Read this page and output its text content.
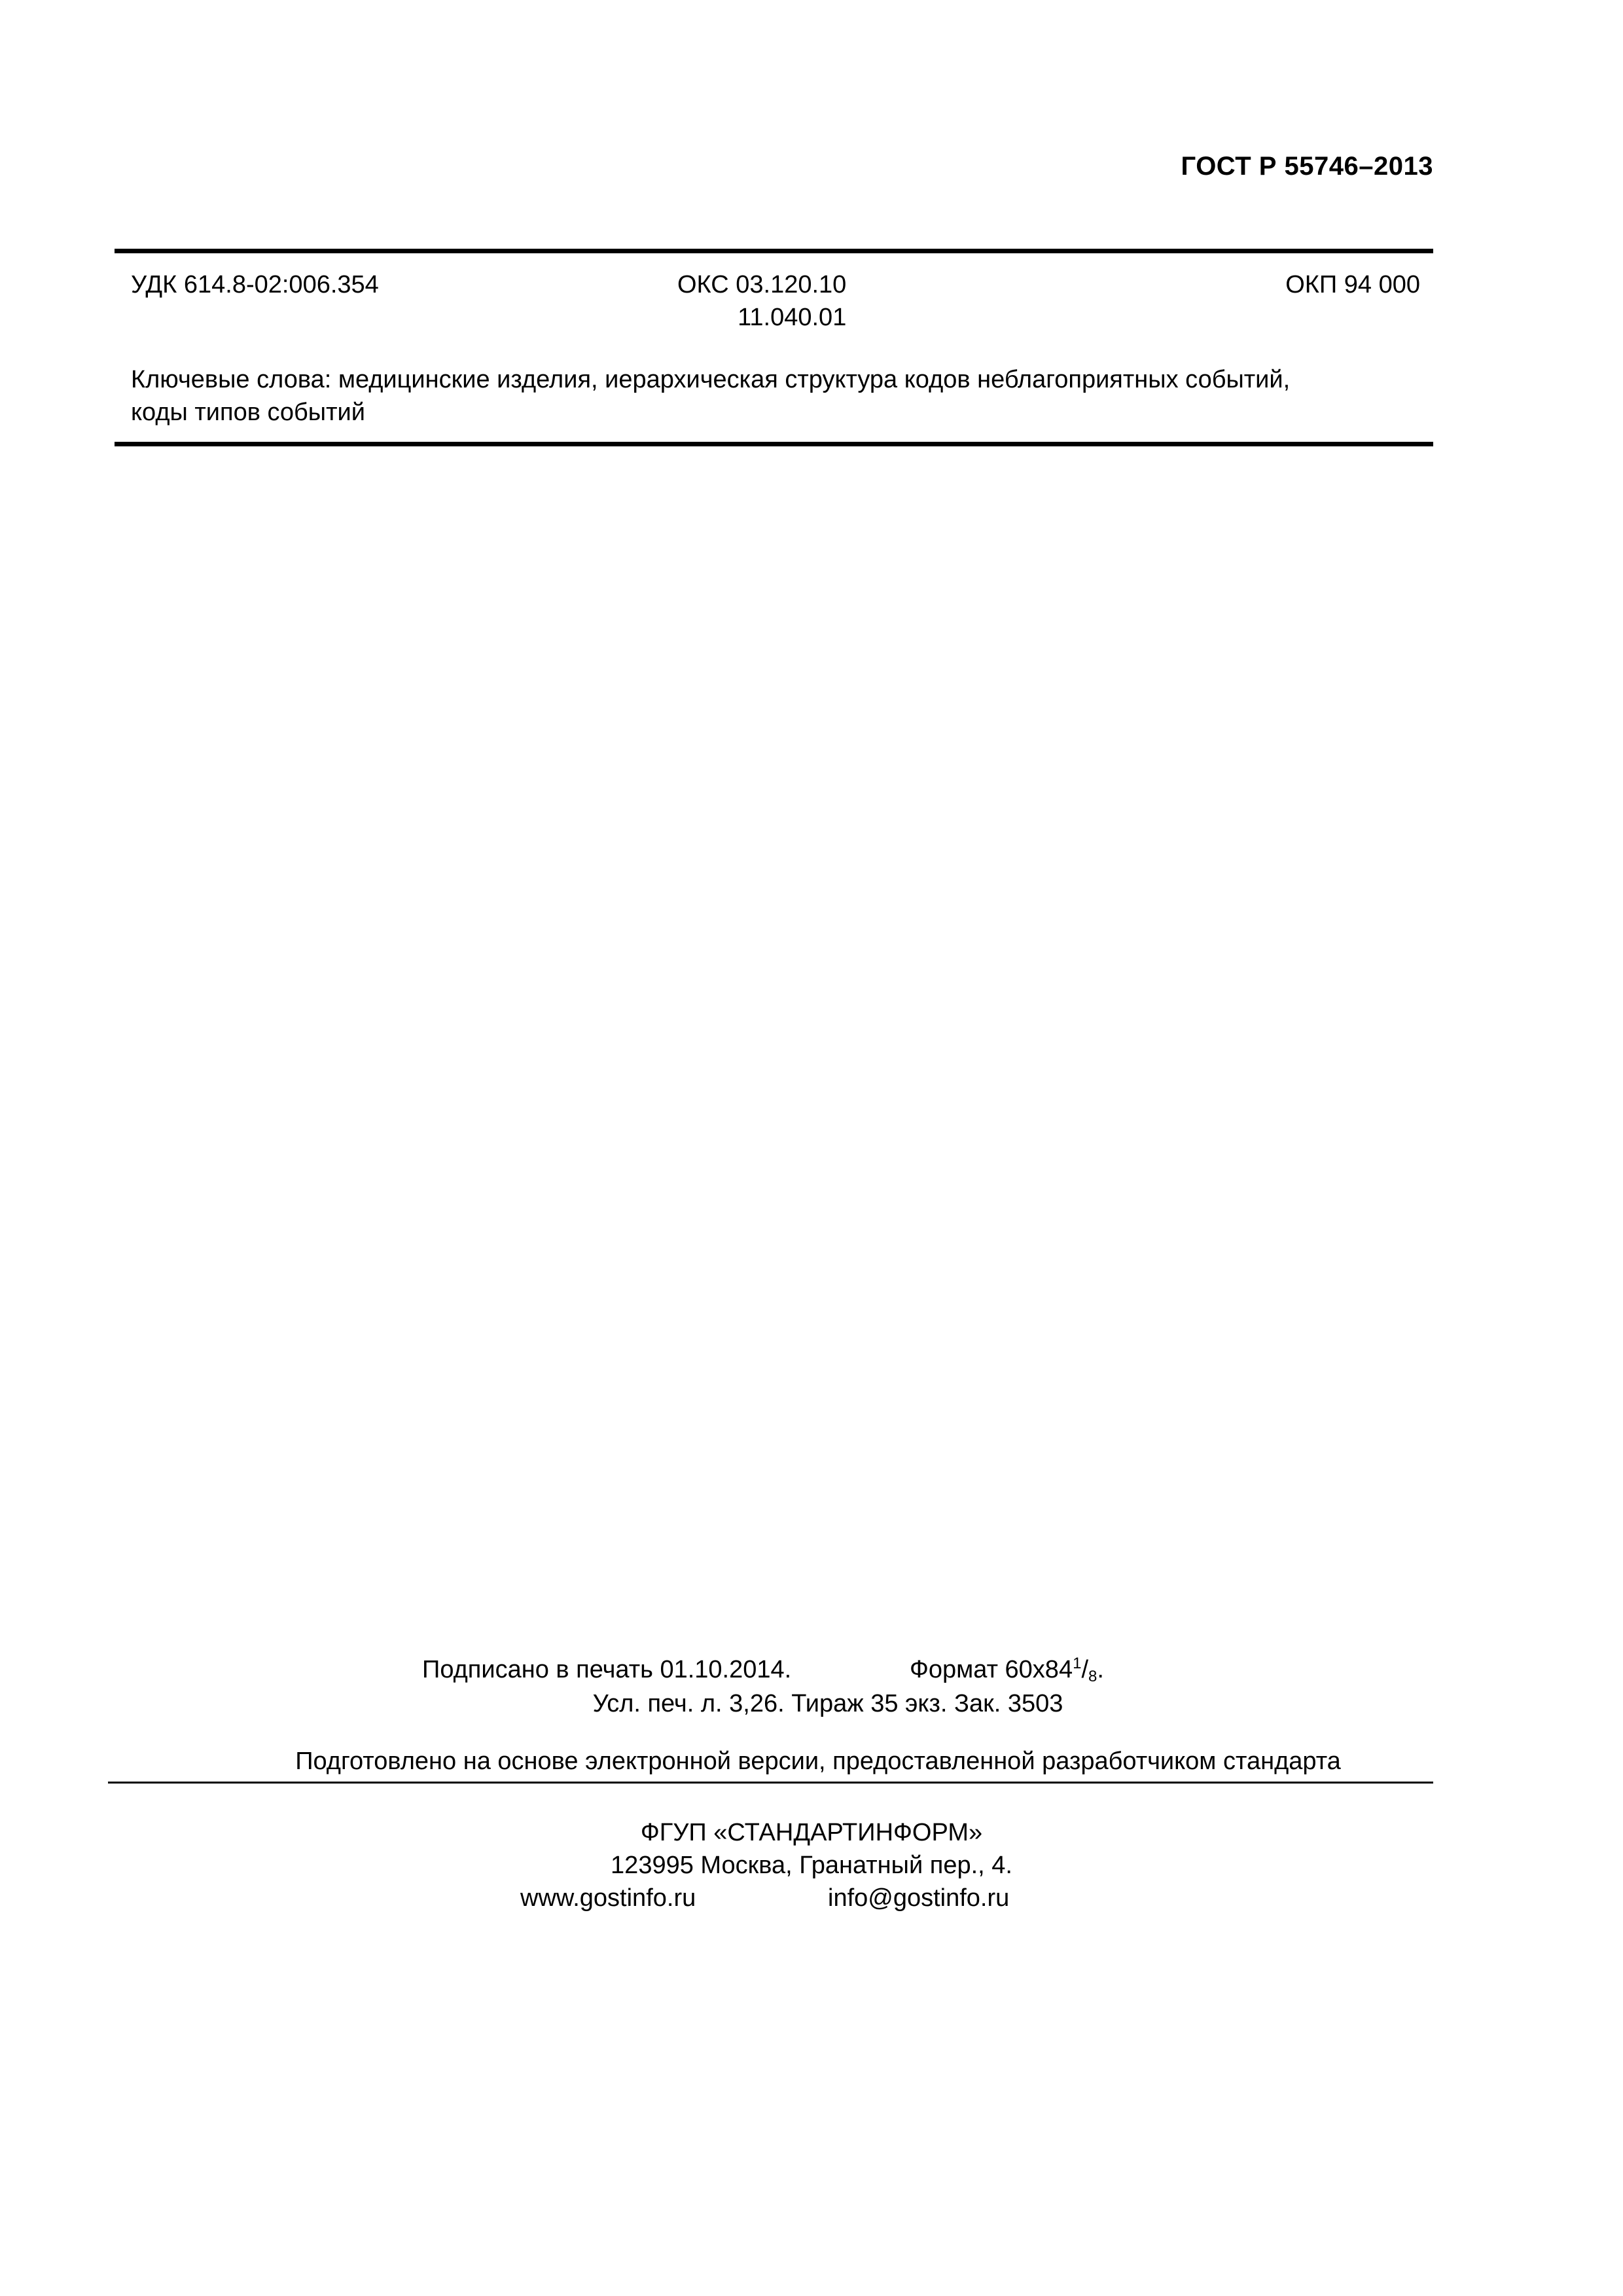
ГОСТ Р 55746–2013
УДК 614.8-02:006.354	ОКС 03.120.10
11.040.01
ОКП 94 000
Ключевые слова: медицинские изделия, иерархическая структура кодов неблагоприятных событий,
коды типов событий
Подписано в печать 01.10.2014.	Формат $60x84^1/_8$.
Усл. печ. л. 3,26. Тираж 35 экз. Зак. 3503
Подготовлено на основе электронной версии, предоставленной разработчиком стандарта
ФГУП «СТАНДАРТИНФОРМ»
123995 Москва, Гранатный пер., 4.
www.gostinfo.ru	info@gostinfo.ru
